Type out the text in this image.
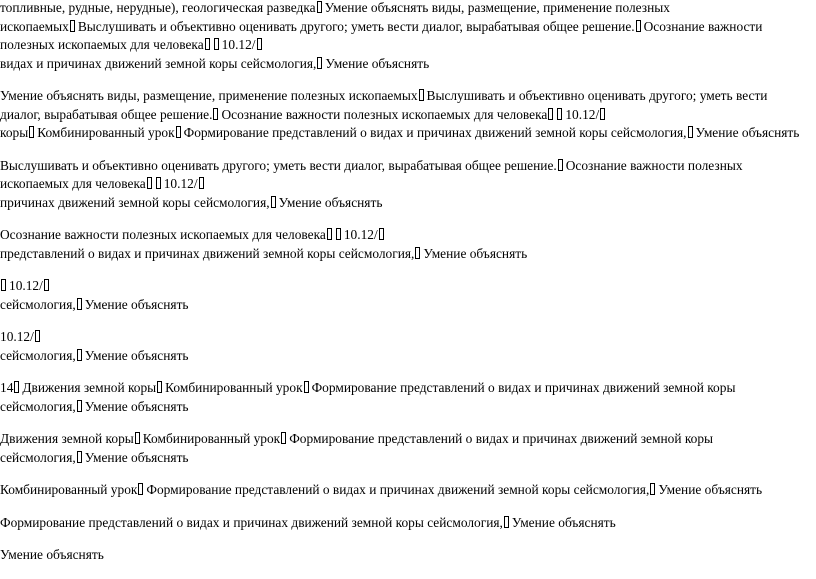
топливные, рудные, нерудные), геологическая разведка Умение объяснять виды, размещение, применение полезных
ископаемых Выслушивать и объективно оценивать другого; уметь вести диалог, вырабатывая общее решение. Осознание важности
полезных ископаемых для человека 10.12/
видах и причинах движений земной коры сейсмология, Умение объяснять
Умение объяснять виды, размещение, применение полезных ископаемых Выслушивать и объективно оценивать другого; уметь вести
диалог, вырабатывая общее решение. Осознание важности полезных ископаемых для человека 10.12/
коры Комбинированный урок Формирование представлений о видах и причинах движений земной коры сейсмология, Умение объяснять
Выслушивать и объективно оценивать другого; уметь вести диалог, вырабатывая общее решение. Осознание важности полезных
ископаемых для человека 10.12/
причинах движений земной коры сейсмология, Умение объяснять
Осознание важности полезных ископаемых для человека 10.12/
представлений о видах и причинах движений земной коры сейсмология, Умение объяснять
10.12/
сейсмология, Умение объяснять
10.12/
сейсмология, Умение объяснять
14 Движения земной коры Комбинированный урок Формирование представлений о видах и причинах движений земной коры
сейсмология, Умение объяснять
Движения земной коры Комбинированный урок Формирование представлений о видах и причинах движений земной коры
сейсмология, Умение объяснять
Комбинированный урок Формирование представлений о видах и причинах движений земной коры сейсмология, Умение объяснять
Формирование представлений о видах и причинах движений земной коры сейсмология, Умение объяснять
Умение объяснять
